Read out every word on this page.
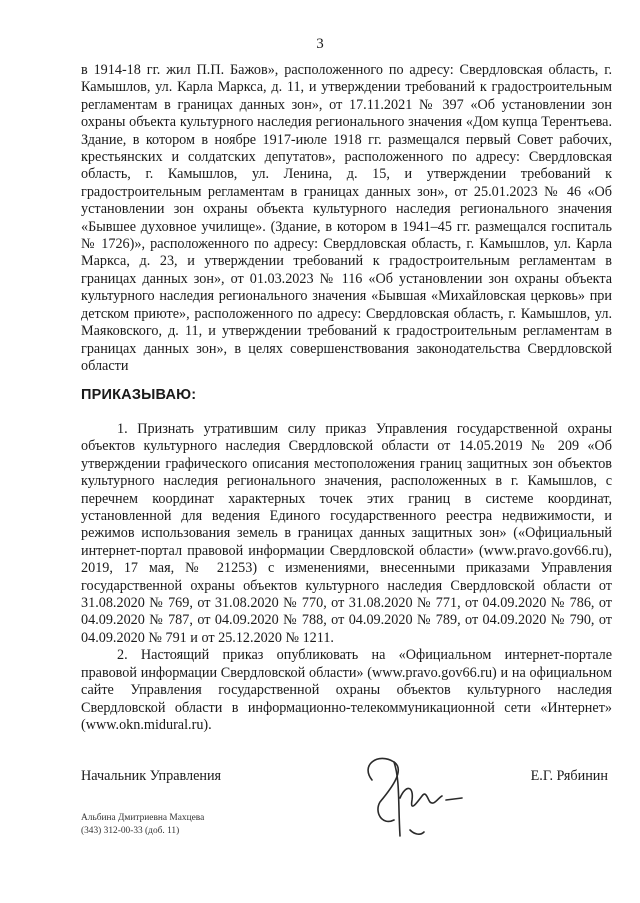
3

в 1914-18 гг. жил П.П. Бажов», расположенного по адресу: Свердловская область, г. Камышлов, ул. Карла Маркса, д. 11, и утверждении требований к градостроительным регламентам в границах данных зон», от 17.11.2021 № 397 «Об установлении зон охраны объекта культурного наследия регионального значения «Дом купца Терентьева. Здание, в котором в ноябре 1917-июле 1918 гг. размещался первый Совет рабочих, крестьянских и солдатских депутатов», расположенного по адресу: Свердловская область, г. Камышлов, ул. Ленина, д. 15, и утверждении требований к градостроительным регламентам в границах данных зон», от 25.01.2023 № 46 «Об установлении зон охраны объекта культурного наследия регионального значения «Бывшее духовное училище». (Здание, в котором в 1941–45 гг. размещался госпиталь № 1726)», расположенного по адресу: Свердловская область, г. Камышлов, ул. Карла Маркса, д. 23, и утверждении требований к градостроительным регламентам в границах данных зон», от 01.03.2023 № 116 «Об установлении зон охраны объекта культурного наследия регионального значения «Бывшая «Михайловская церковь» при детском приюте», расположенного по адресу: Свердловская область, г. Камышлов, ул. Маяковского, д. 11, и утверждении требований к градостроительным регламентам в границах данных зон», в целях совершенствования законодательства Свердловской области

ПРИКАЗЫВАЮ:

1. Признать утратившим силу приказ Управления государственной охраны объектов культурного наследия Свердловской области от 14.05.2019 № 209 «Об утверждении графического описания местоположения границ защитных зон объектов культурного наследия регионального значения, расположенных в г. Камышлов, с перечнем координат характерных точек этих границ в системе координат, установленной для ведения Единого государственного реестра недвижимости, и режимов использования земель в границах данных защитных зон» («Официальный интернет-портал правовой информации Свердловской области» (www.pravo.gov66.ru), 2019, 17 мая, № 21253) с изменениями, внесенными приказами Управления государственной охраны объектов культурного наследия Свердловской области от 31.08.2020 № 769, от 31.08.2020 № 770, от 31.08.2020 № 771, от 04.09.2020 № 786, от 04.09.2020 № 787, от 04.09.2020 № 788, от 04.09.2020 № 789, от 04.09.2020 № 790, от 04.09.2020 № 791 и от 25.12.2020 № 1211.

2. Настоящий приказ опубликовать на «Официальном интернет-портале правовой информации Свердловской области» (www.pravo.gov66.ru) и на официальном сайте Управления государственной охраны объектов культурного наследия Свердловской области в информационно-телекоммуникационной сети «Интернет» (www.okn.midural.ru).

Начальник Управления	Е.Г. Рябинин
Альбина Дмитриевна Махцева
(343) 312-00-33 (доб. 11)
